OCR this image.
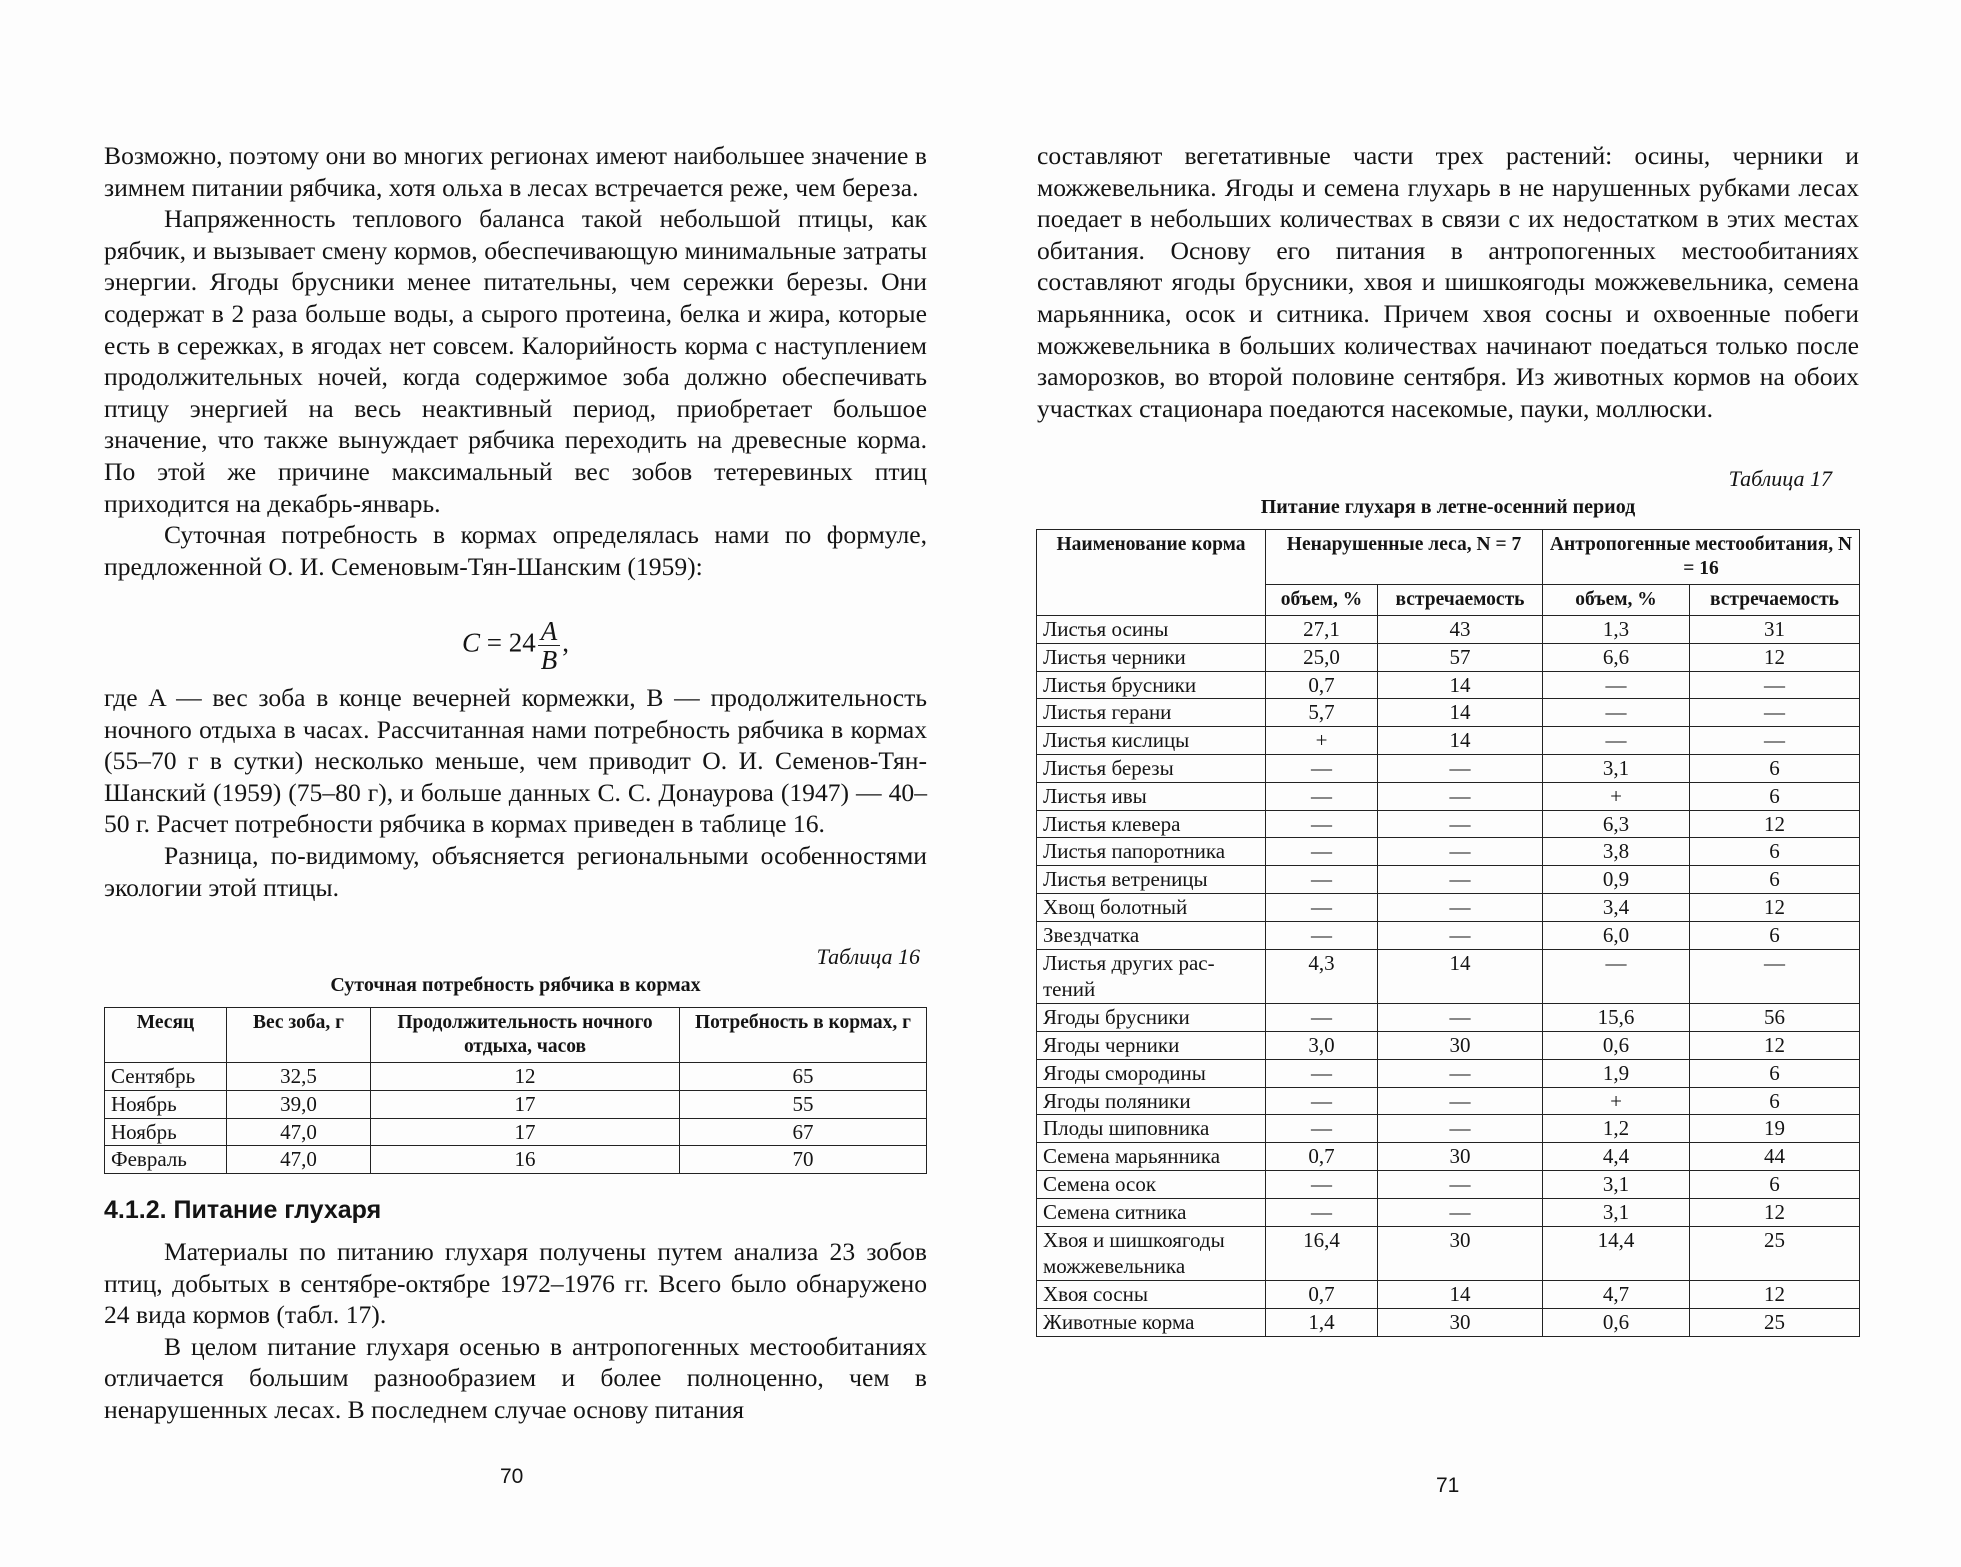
Возможно, поэтому они во многих регионах имеют наибольшее значение в зимнем питании рябчика, хотя ольха в лесах встречается реже, чем береза.

Напряженность теплового баланса такой небольшой птицы, как рябчик, и вызывает смену кормов, обеспечивающую минимальные затраты энергии. Ягоды брусники менее питательны, чем сережки березы. Они содержат в 2 раза больше воды, а сырого протеина, белка и жира, которые есть в сережках, в ягодах нет совсем. Калорийность корма с наступлением продолжительных ночей, когда содержимое зоба должно обеспечивать птицу энергией на весь неактивный период, приобретает большое значение, что также вынуждает рябчика переходить на древесные корма. По этой же причине максимальный вес зобов тетеревиных птиц приходится на декабрь-январь.

Суточная потребность в кормах определялась нами по формуле, предложенной О. И. Семеновым-Тян-Шанским (1959):

$C = 24 \frac{A}{B}$ ,

где A — вес зоба в конце вечерней кормежки, B — продолжительность ночного отдыха в часах. Рассчитанная нами потребность рябчика в кормах (55–70 г в сутки) несколько меньше, чем приводит О. И. Семенов-Тян-Шанский (1959) (75–80 г), и больше данных С. С. Донаурова (1947) — 40–50 г. Расчет потребности рябчика в кормах приведен в таблице 16.

Разница, по-видимому, объясняется региональными особенностями экологии этой птицы.

Таблица 16
Суточная потребность рябчика в кормах
Месяц	Вес зоба, г	Продолжительность ночного отдыха, часов	Потребность в кормах, г
Сентябрь	32,5	12	65
Ноябрь	39,0	17	55
Ноябрь	47,0	17	67
Февраль	47,0	16	70
4.1.2. Питание глухаря

Материалы по питанию глухаря получены путем анализа 23 зобов птиц, добытых в сентябре-октябре 1972–1976 гг. Всего было обнаружено 24 вида кормов (табл. 17).

В целом питание глухаря осенью в антропогенных местообитаниях отличается большим разнообразием и более полноценно, чем в ненарушенных лесах. В последнем случае основу питания

70

составляют вегетативные части трех растений: осины, черники и можжевельника. Ягоды и семена глухарь в не нарушенных рубками лесах поедает в небольших количествах в связи с их недостатком в этих местах обитания. Основу его питания в антропогенных местообитаниях составляют ягоды брусники, хвоя и шишкоягоды можжевельника, семена марьянника, осок и ситника. Причем хвоя сосны и охвоенные побеги можжевельника в больших количествах начинают поедаться только после заморозков, во второй половине сентября. Из животных кормов на обоих участках стационара поедаются насекомые, пауки, моллюски.

Таблица 17
Питание глухаря в летне-осенний период
Наименование корма	Ненарушенные леса, N = 7		Антропогенные местообитания, N = 16	
	объем, %	встречаемость	объем, %	встречаемость
Листья осины	27,1	43	1,3	31
Листья черники	25,0	57	6,6	12
Листья брусники	0,7	14	—	—
Листья герани	5,7	14	—	—
Листья кислицы	+	14	—	—
Листья березы	—	—	3,1	6
Листья ивы	—	—	+	6
Листья клевера	—	—	6,3	12
Листья папоротника	—	—	3,8	6
Листья ветреницы	—	—	0,9	6
Хвощ болотный	—	—	3,4	12
Звездчатка	—	—	6,0	6
Листья других растений	4,3	14	—	—
Ягоды брусники	—	—	15,6	56
Ягоды черники	3,0	30	0,6	12
Ягоды смородины	—	—	1,9	6
Ягоды поляники	—	—	+	6
Плоды шиповника	—	—	1,2	19
Семена марьянника	0,7	30	4,4	44
Семена осок	—	—	3,1	6
Семена ситника	—	—	3,1	12
Хвоя и шишкоягоды можжевельника	16,4	30	14,4	25
Хвоя сосны	0,7	14	4,7	12
Животные корма	1,4	30	0,6	25
71
